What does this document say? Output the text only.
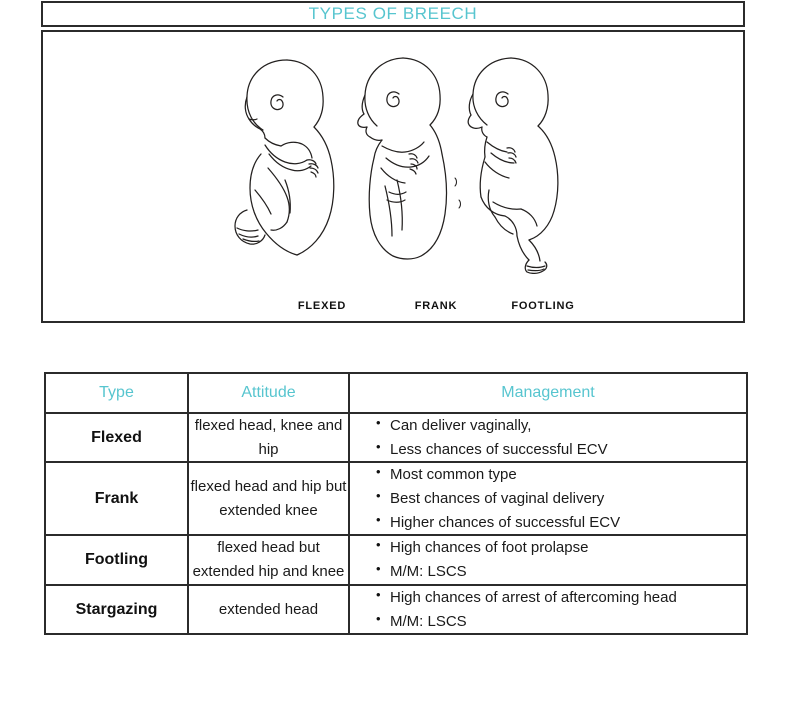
TYPES OF BREECH
FLEXED	FRANK	FOOTLING
Type	Attitude	Management
Flexed	flexed head, knee and hip	
• Can deliver vaginally,
• Less chances of successful ECV

Frank	flexed head and hip but extended knee	
• Most common type
• Best chances of vaginal delivery
• Higher chances of successful ECV

Footling	flexed head but extended hip and knee	
• High chances of foot prolapse
• M/M: LSCS

Stargazing	extended head	
• High chances of arrest of aftercoming head
• M/M: LSCS
